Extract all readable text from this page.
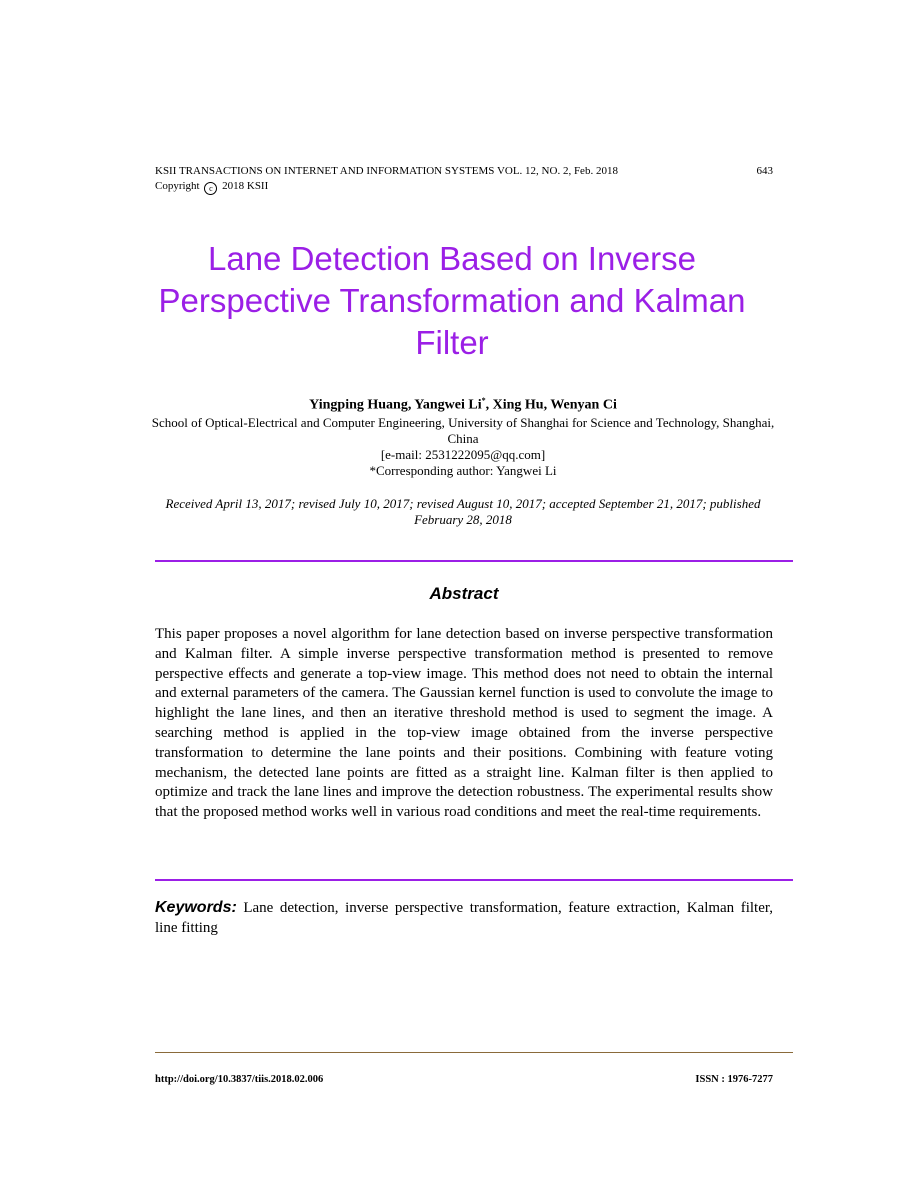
KSII TRANSACTIONS ON INTERNET AND INFORMATION SYSTEMS VOL. 12, NO. 2, Feb. 2018	643
Copyright c 2018 KSII
Lane Detection Based on Inverse Perspective Transformation and Kalman Filter
Yingping Huang, Yangwei Li*, Xing Hu, Wenyan Ci
School of Optical-Electrical and Computer Engineering, University of Shanghai for Science and Technology, Shanghai, China
[e-mail: 2531222095@qq.com]
*Corresponding author: Yangwei Li
Received April 13, 2017; revised July 10, 2017; revised August 10, 2017; accepted September 21, 2017; published February 28, 2018
Abstract
This paper proposes a novel algorithm for lane detection based on inverse perspective transformation and Kalman filter. A simple inverse perspective transformation method is presented to remove perspective effects and generate a top-view image. This method does not need to obtain the internal and external parameters of the camera. The Gaussian kernel function is used to convolute the image to highlight the lane lines, and then an iterative threshold method is used to segment the image. A searching method is applied in the top-view image obtained from the inverse perspective transformation to determine the lane points and their positions. Combining with feature voting mechanism, the detected lane points are fitted as a straight line. Kalman filter is then applied to optimize and track the lane lines and improve the detection robustness. The experimental results show that the proposed method works well in various road conditions and meet the real-time requirements.
Keywords: Lane detection, inverse perspective transformation, feature extraction, Kalman filter, line fitting
http://doi.org/10.3837/tiis.2018.02.006	ISSN : 1976-7277
